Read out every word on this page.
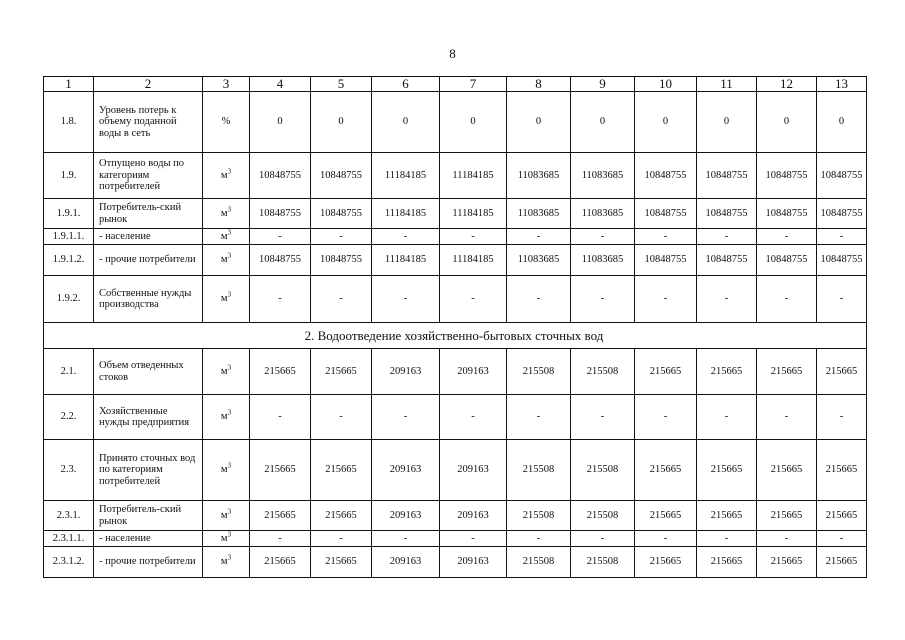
8
1	2	3	4	5	6	7	8	9	10	11	12	13
1.8.	Уровень потерь к объему поданной воды в сеть	%	0	0	0	0	0	0	0	0	0	0
1.9.	Отпущено воды по категориям потребителей	$м^3$	10848755	10848755	11184185	11184185	11083685	11083685	10848755	10848755	10848755	10848755
1.9.1.	Потребитель-ский рынок	$м^3$	10848755	10848755	11184185	11184185	11083685	11083685	10848755	10848755	10848755	10848755
1.9.1.1.	- население	$м^3$	-	-	-	-	-	-	-	-	-	-
1.9.1.2.	- прочие потребители	$м^3$	10848755	10848755	11184185	11184185	11083685	11083685	10848755	10848755	10848755	10848755
1.9.2.	Собственные нужды производства	$м^3$	-	-	-	-	-	-	-	-	-	-
2. Водоотведение хозяйственно-бытовых сточных вод												
2.1.	Объем отведенных стоков	$м^3$	215665	215665	209163	209163	215508	215508	215665	215665	215665	215665
2.2.	Хозяйственные нужды предприятия	$м^3$	-	-	-	-	-	-	-	-	-	-
2.3.	Принято сточных вод по категориям потребителей	$м^3$	215665	215665	209163	209163	215508	215508	215665	215665	215665	215665
2.3.1.	Потребитель-ский рынок	$м^3$	215665	215665	209163	209163	215508	215508	215665	215665	215665	215665
2.3.1.1.	- население	$м^3$	-	-	-	-	-	-	-	-	-	-
2.3.1.2.	- прочие потребители	$м^3$	215665	215665	209163	209163	215508	215508	215665	215665	215665	215665
